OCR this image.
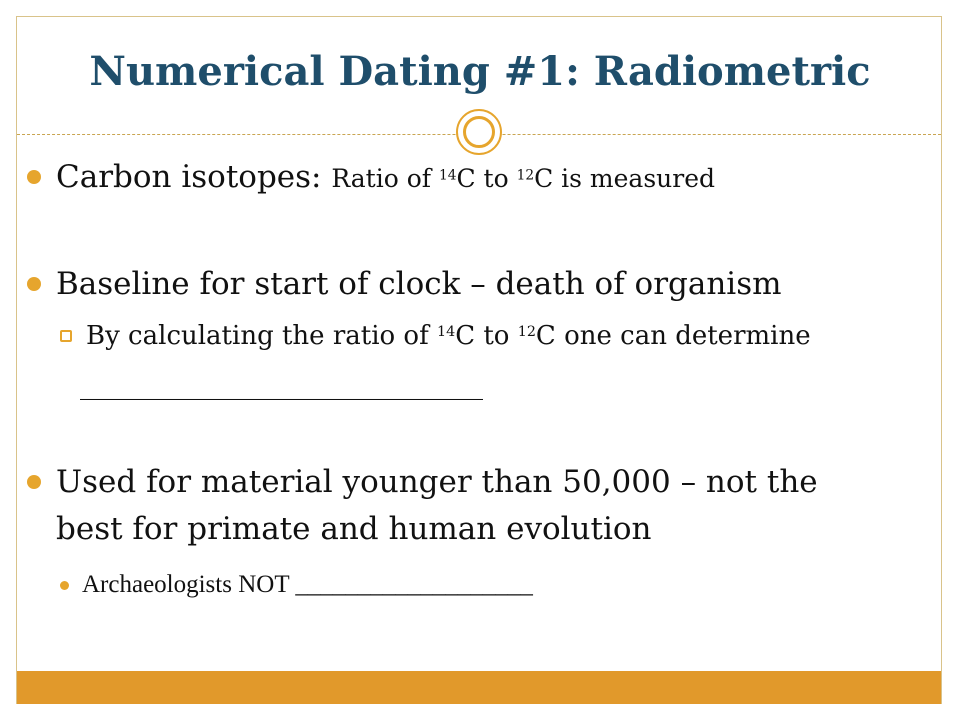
Numerical Dating #1: Radiometric
Carbon isotopes: Ratio of $^{14}$C to $^{12}$C is measured
Baseline for start of clock – death of organism
By calculating the ratio of $^{14}$C to $^{12}$C one can determine
_______________________________
Used for material younger than 50,000 – not the
best for primate and human evolution
Archaeologists NOT ___________________
